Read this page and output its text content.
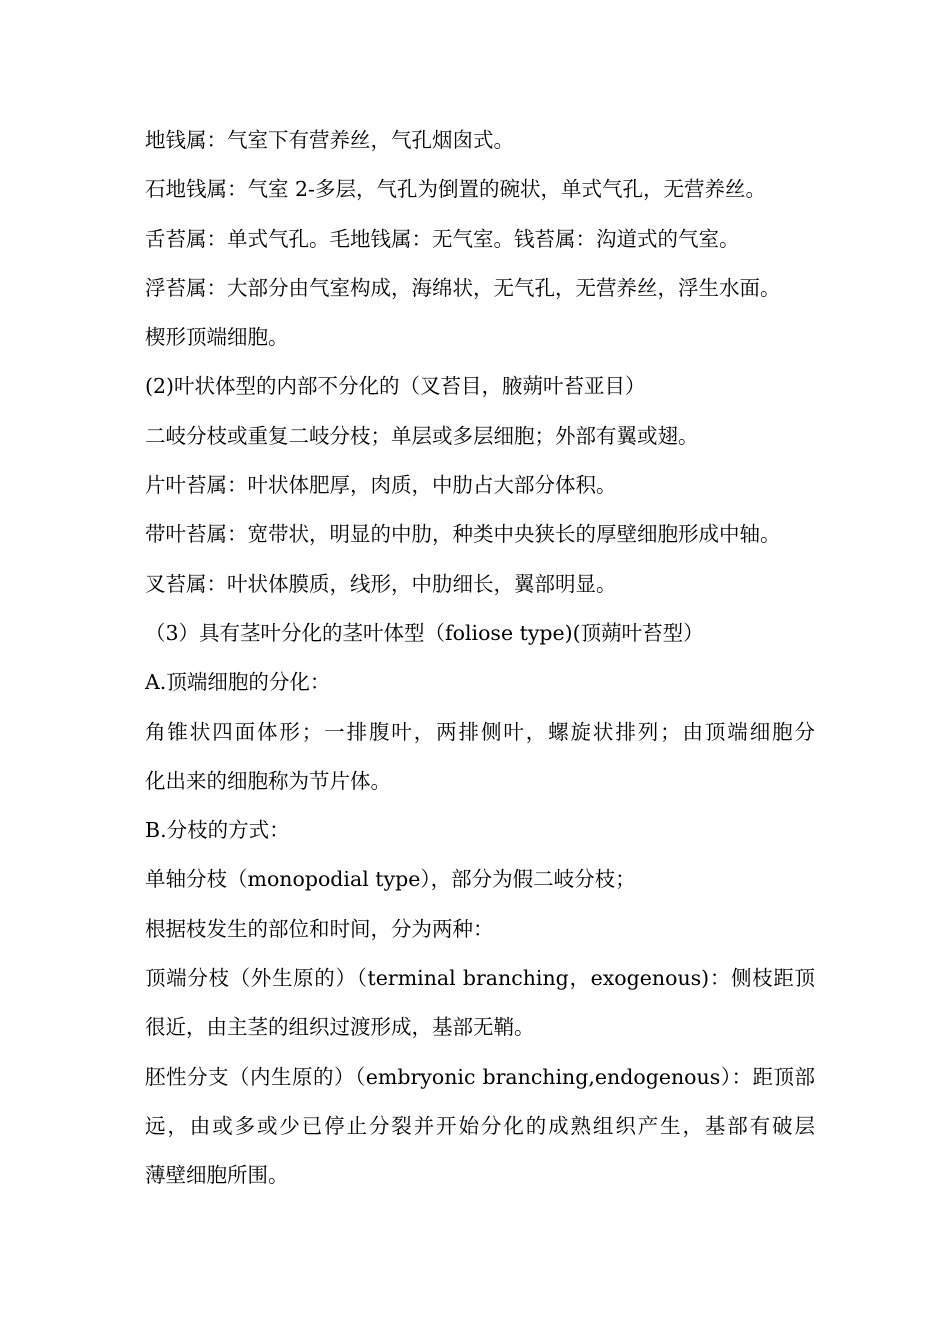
地钱属：气室下有营养丝，气孔烟囱式。
石地钱属：气室 2-多层，气孔为倒置的碗状，单式气孔，无营养丝。
舌苔属：单式气孔。毛地钱属：无气室。钱苔属：沟道式的气室。
浮苔属：大部分由气室构成，海绵状，无气孔，无营养丝，浮生水面。
楔形顶端细胞。
(2)叶状体型的内部不分化的（叉苔目，腋蒴叶苔亚目）
二岐分枝或重复二岐分枝；单层或多层细胞；外部有翼或翅。
片叶苔属：叶状体肥厚，肉质，中肋占大部分体积。
带叶苔属：宽带状，明显的中肋，种类中央狭长的厚壁细胞形成中轴。
叉苔属：叶状体膜质，线形，中肋细长，翼部明显。
（3）具有茎叶分化的茎叶体型（foliose type)(顶蒴叶苔型）
A.顶端细胞的分化：
角锥状四面体形；一排腹叶，两排侧叶，螺旋状排列；由顶端细胞分
化出来的细胞称为节片体。
B.分枝的方式：
单轴分枝（monopodial type），部分为假二岐分枝；
根据枝发生的部位和时间，分为两种：
顶端分枝（外生原的）（terminal branching，exogenous)：侧枝距顶
很近，由主茎的组织过渡形成，基部无鞘。
胚性分支（内生原的）（embryonic branching,endogenous）：距顶部
远，由或多或少已停止分裂并开始分化的成熟组织产生，基部有破层
薄壁细胞所围。
